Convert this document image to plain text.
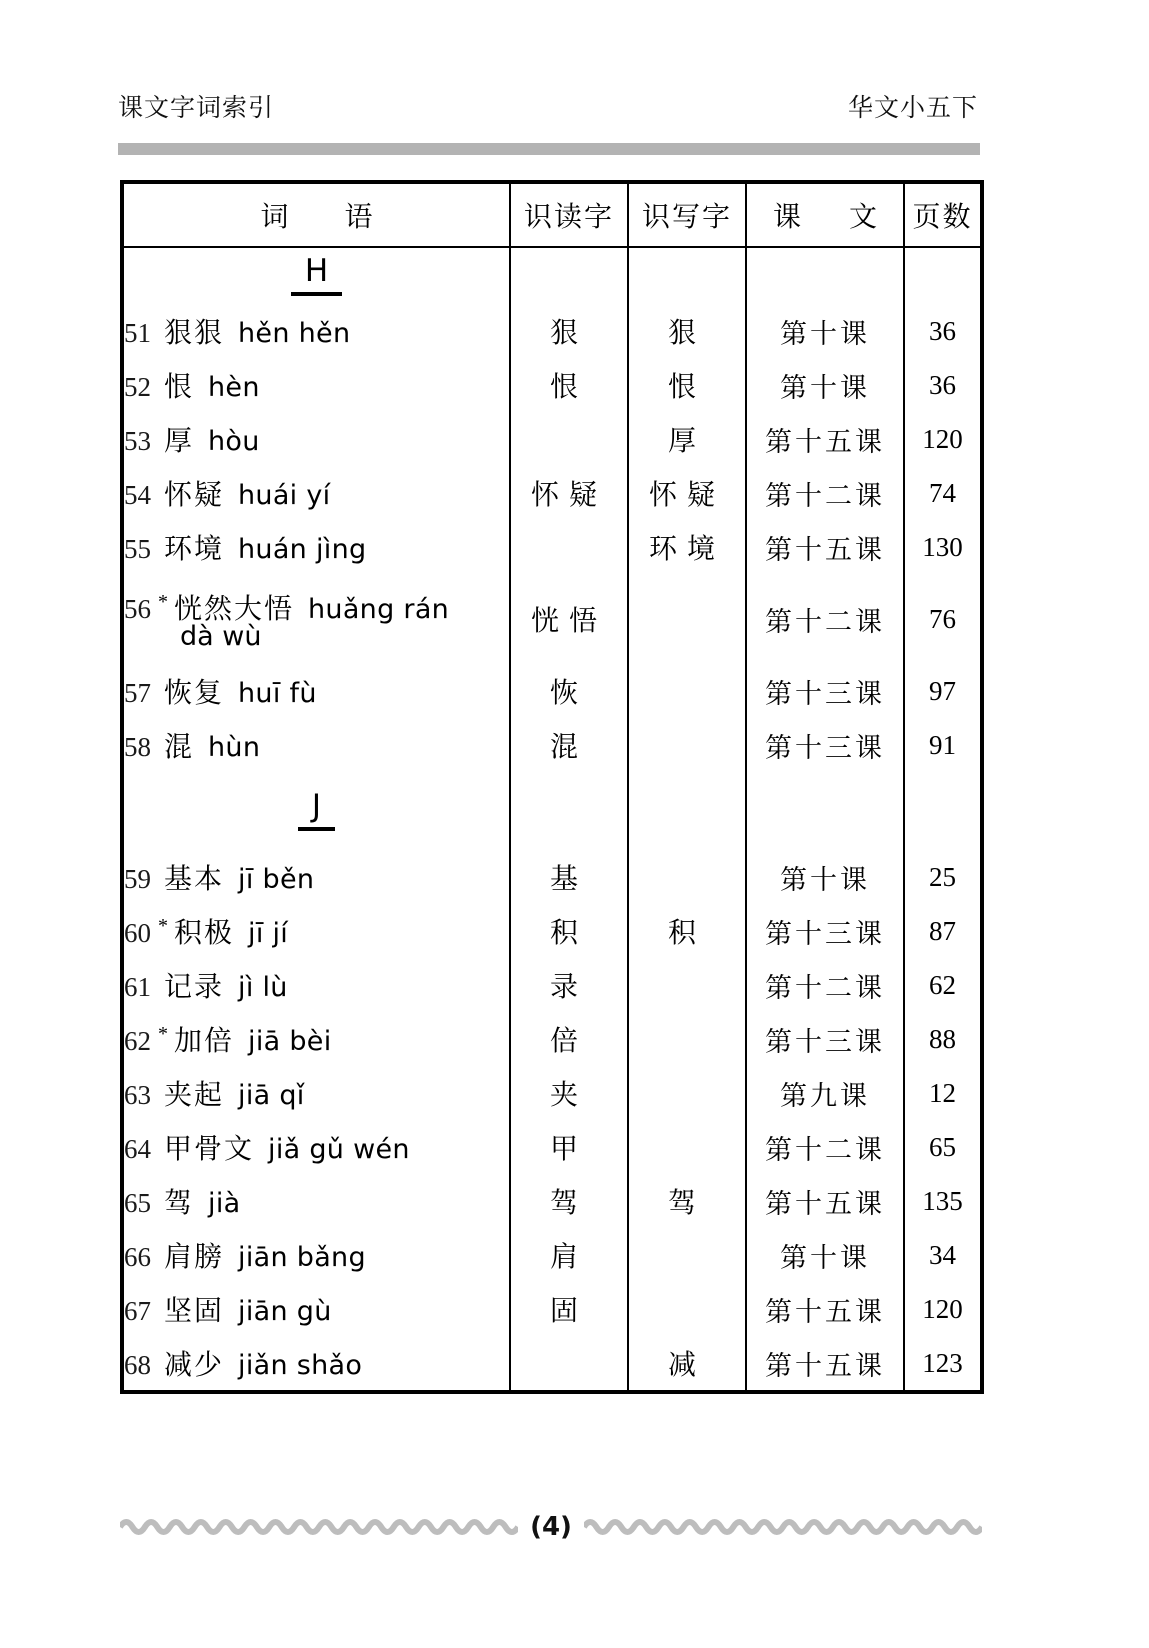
课文字词索引	华文小五下
词　语	识读字	识写字	课　文	页数
H				

51 狠狠 hěn hěn	狠	狠	第十课	36

52 恨 hèn	恨	恨	第十课	36

53 厚 hòu		厚	第十五课	120

54 怀疑 huái yí	怀疑	怀疑	第十二课	74

55 环境 huán jìng		环境	第十五课	130

56 * 恍然大悟 huǎng rán
dà wù	恍悟		第十二课	76

57 恢复 huī fù	恢		第十三课	97

58 混 hùn	混		第十三课	91
J				

59 基本 jī běn	基		第十课	25

60 * 积极 jī jí	积	积	第十三课	87

61 记录 jì lù	录		第十二课	62

62 * 加倍 jiā bèi	倍		第十三课	88

63 夹起 jiā qǐ	夹		第九课	12

64 甲骨文 jiǎ gǔ wén	甲		第十二课	65

65 驾 jià	驾	驾	第十五课	135

66 肩膀 jiān bǎng	肩		第十课	34

67 坚固 jiān gù	固		第十五课	120

68 减少 jiǎn shǎo		减	第十五课	123
(4)
